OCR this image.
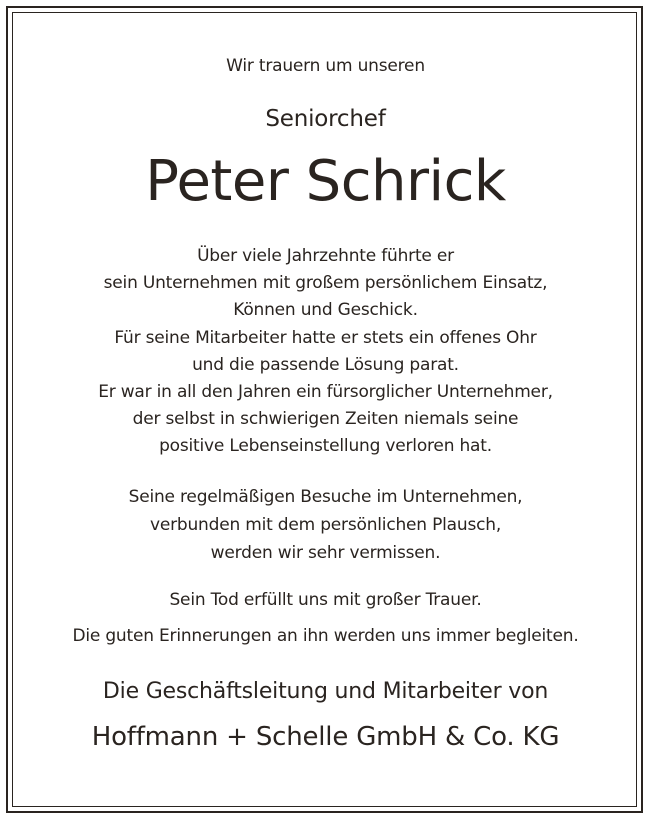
Wir trauern um unseren
Seniorchef
Peter Schrick
Über viele Jahrzehnte führte er
sein Unternehmen mit großem persönlichem Einsatz,
Können und Geschick.
Für seine Mitarbeiter hatte er stets ein offenes Ohr
und die passende Lösung parat.
Er war in all den Jahren ein fürsorglicher Unternehmer,
der selbst in schwierigen Zeiten niemals seine
positive Lebenseinstellung verloren hat.
Seine regelmäßigen Besuche im Unternehmen,
verbunden mit dem persönlichen Plausch,
werden wir sehr vermissen.
Sein Tod erfüllt uns mit großer Trauer.
Die guten Erinnerungen an ihn werden uns immer begleiten.
Die Geschäftsleitung und Mitarbeiter von
Hoffmann + Schelle GmbH & Co. KG
